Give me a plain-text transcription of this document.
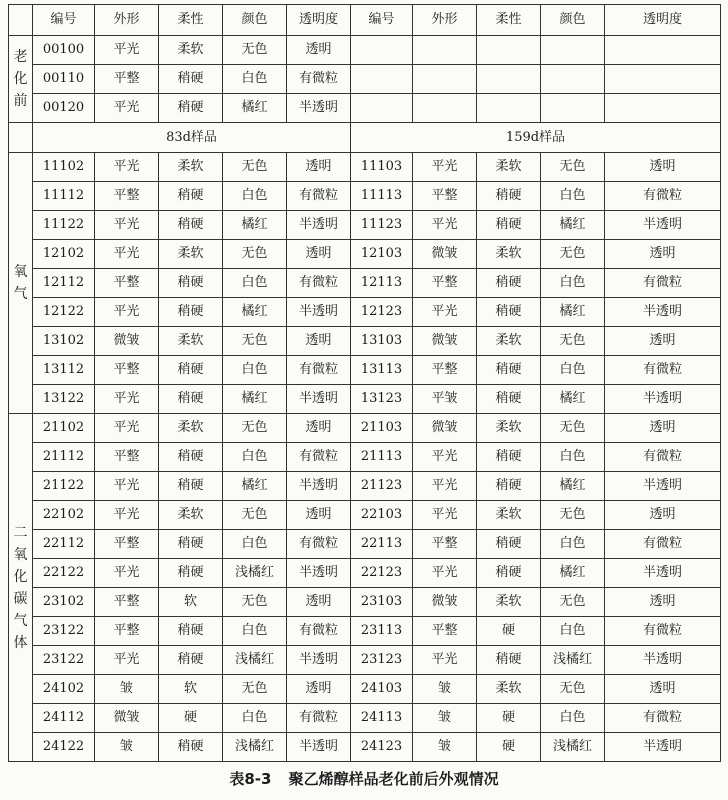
	编号	外形	柔性	颜色	透明度	编号	外形	柔性	颜色	透明度
老化前	00100	平光	柔软	无色	透明					
	00110	平整	稍硬	白色	有微粒					
	00120	平光	稍硬	橘红	半透明					
	83d样品					159d样品				
氧气	11102	平光	柔软	无色	透明	11103	平光	柔软	无色	透明
	11112	平整	稍硬	白色	有微粒	11113	平整	稍硬	白色	有微粒
	11122	平光	稍硬	橘红	半透明	11123	平光	稍硬	橘红	半透明
	12102	平光	柔软	无色	透明	12103	微皱	柔软	无色	透明
	12112	平整	稍硬	白色	有微粒	12113	平整	稍硬	白色	有微粒
	12122	平光	稍硬	橘红	半透明	12123	平光	稍硬	橘红	半透明
	13102	微皱	柔软	无色	透明	13103	微皱	柔软	无色	透明
	13112	平整	稍硬	白色	有微粒	13113	平整	稍硬	白色	有微粒
	13122	平光	稍硬	橘红	半透明	13123	平皱	稍硬	橘红	半透明
二氧化碳气体	21102	平光	柔软	无色	透明	21103	微皱	柔软	无色	透明
	21112	平整	稍硬	白色	有微粒	21113	平光	稍硬	白色	有微粒
	21122	平光	稍硬	橘红	半透明	21123	平光	稍硬	橘红	半透明
	22102	平光	柔软	无色	透明	22103	平光	柔软	无色	透明
	22112	平整	稍硬	白色	有微粒	22113	平整	稍硬	白色	有微粒
	22122	平光	稍硬	浅橘红	半透明	22123	平光	稍硬	橘红	半透明
	23102	平整	软	无色	透明	23103	微皱	柔软	无色	透明
	23122	平整	稍硬	白色	有微粒	23113	平整	硬	白色	有微粒
	23122	平光	稍硬	浅橘红	半透明	23123	平光	稍硬	浅橘红	半透明
	24102	皱	软	无色	透明	24103	皱	柔软	无色	透明
	24112	微皱	硬	白色	有微粒	24113	皱	硬	白色	有微粒
	24122	皱	稍硬	浅橘红	半透明	24123	皱	硬	浅橘红	半透明
表8-3 聚乙烯醇样品老化前后外观情况
